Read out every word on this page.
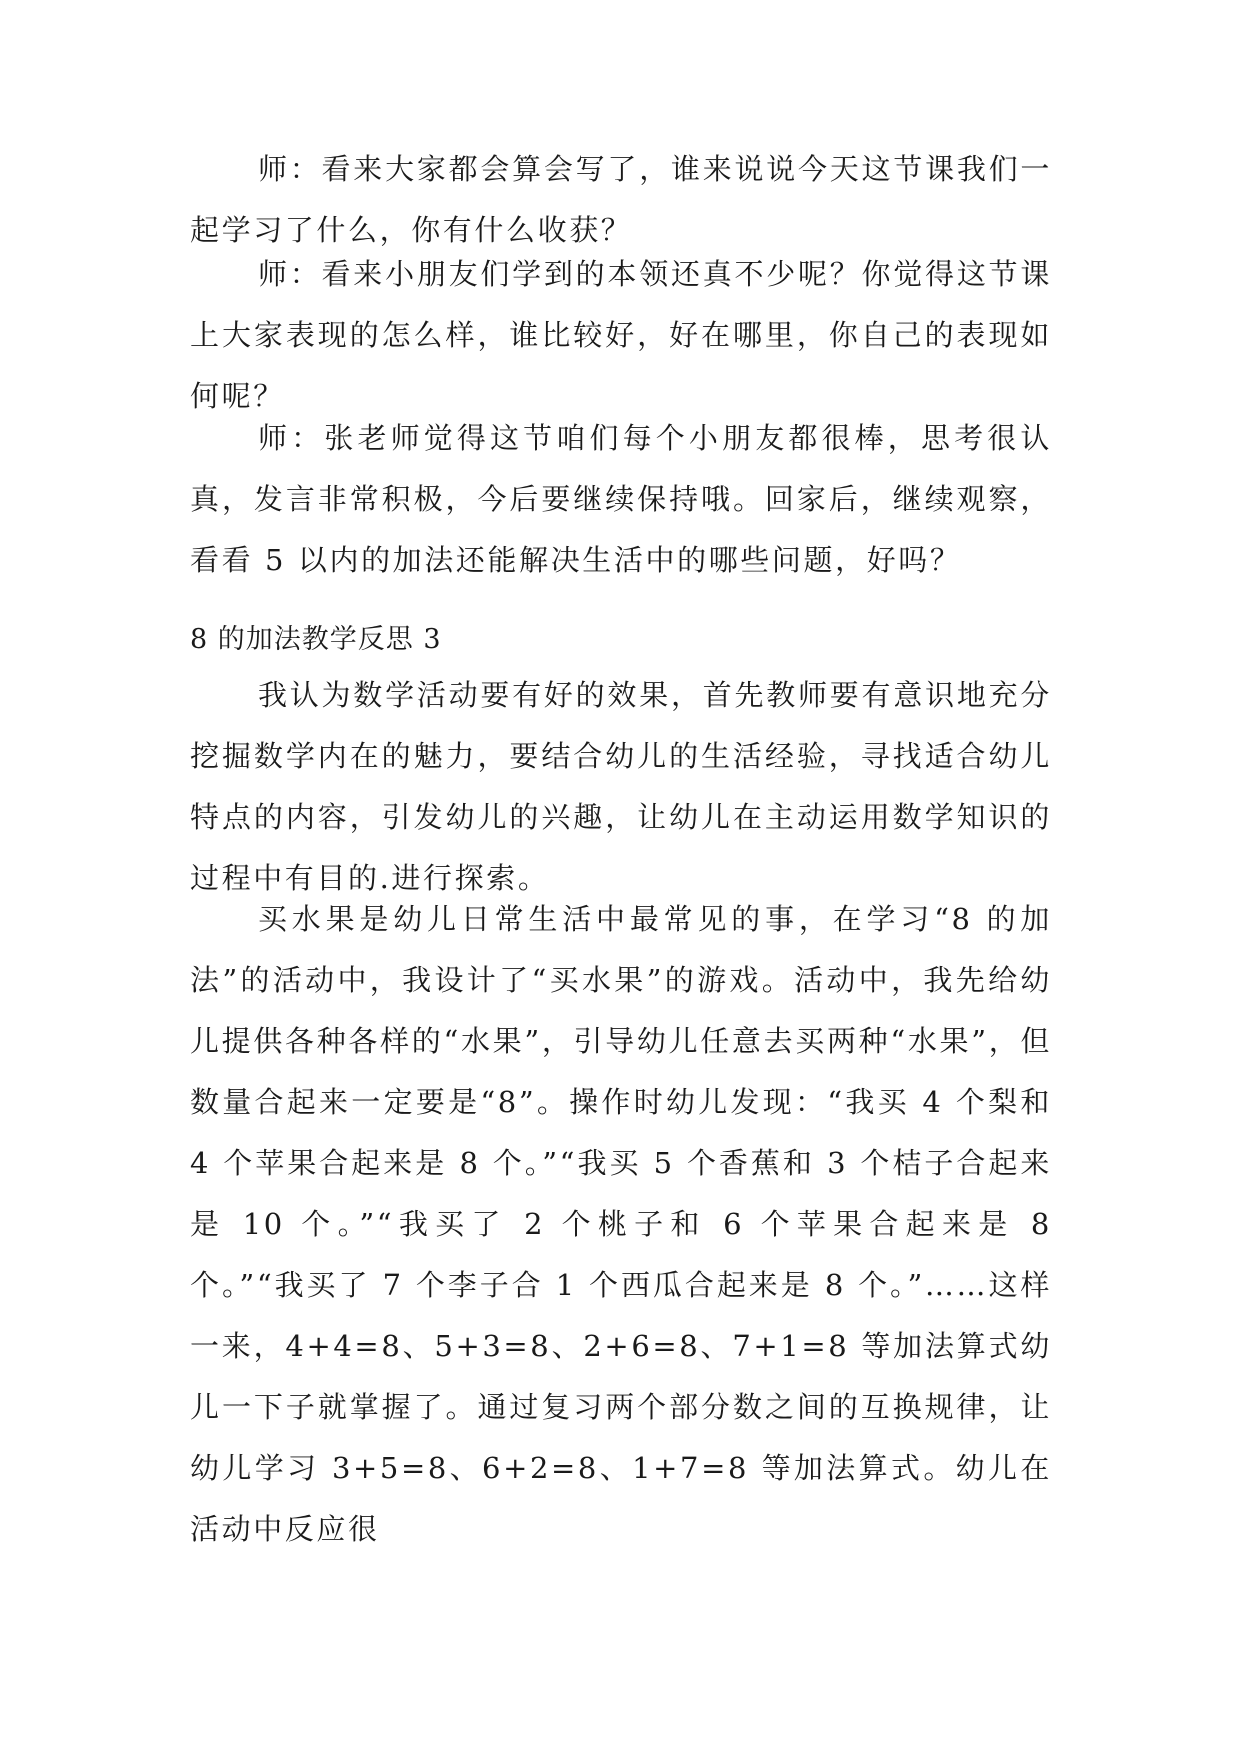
师：看来大家都会算会写了，谁来说说今天这节课我们一起学习了什么，你有什么收获？

师：看来小朋友们学到的本领还真不少呢？你觉得这节课上大家表现的怎么样，谁比较好，好在哪里，你自己的表现如何呢？

师：张老师觉得这节咱们每个小朋友都很棒，思考很认真，发言非常积极，今后要继续保持哦。回家后，继续观察，看看 5 以内的加法还能解决生活中的哪些问题，好吗？

8 的加法教学反思 3

我认为数学活动要有好的效果，首先教师要有意识地充分挖掘数学内在的魅力，要结合幼儿的生活经验，寻找适合幼儿特点的内容，引发幼儿的兴趣，让幼儿在主动运用数学知识的过程中有目的.进行探索。

买水果是幼儿日常生活中最常见的事，在学习“8 的加法”的活动中，我设计了“买水果”的游戏。活动中，我先给幼儿提供各种各样的“水果”，引导幼儿任意去买两种“水果”，但数量合起来一定要是“8”。操作时幼儿发现：“我买 4 个梨和 4 个苹果合起来是 8 个。”“我买 5 个香蕉和 3 个桔子合起来是 10 个。”“我买了 2 个桃子和 6 个苹果合起来是 8 个。”“我买了 7 个李子合 1 个西瓜合起来是 8 个。”……这样一来，4+4=8、5+3=8、2+6=8、7+1=8 等加法算式幼儿一下子就掌握了。通过复习两个部分数之间的互换规律，让幼儿学习 3+5=8、6+2=8、1+7=8 等加法算式。幼儿在活动中反应很
